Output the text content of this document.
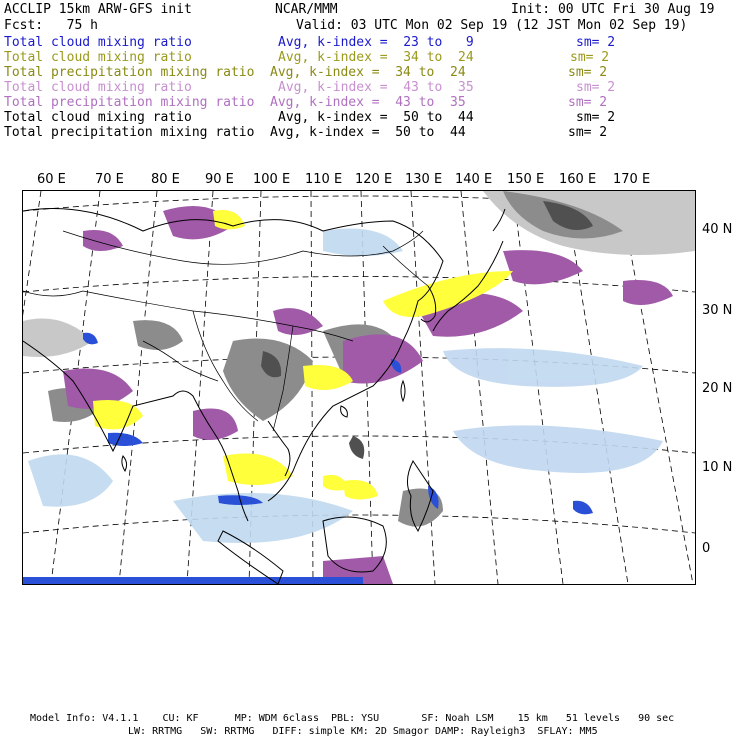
ACCLIP 15km ARW-GFS init	NCAR/MMM	Init: 00 UTC Fri 30 Aug 19
Fcst:   75 h	Valid: 03 UTC Mon 02 Sep 19 (12 JST Mon 02 Sep 19)
Total cloud mixing ratio	Avg, k-index =  23 to   9	sm= 2
Total cloud mixing ratio	Avg, k-index =  34 to  24	sm= 2
Total precipitation mixing ratio Avg, k-index =  34 to  24	sm= 2
Total cloud mixing ratio	Avg, k-index =  43 to  35	sm= 2
Total precipitation mixing ratio Avg, k-index =  43 to  35	sm= 2
Total cloud mixing ratio	Avg, k-index =  50 to  44	sm= 2
Total precipitation mixing ratio Avg, k-index =  50 to  44	sm= 2
60 E 70 E 80 E 90 E 100 E 110 E 120 E 130 E 140 E 150 E 160 E 170 E
40 N
30 N
20 N
10 N
0
Model Info: V4.1.1    CU: KF      MP: WDM 6class  PBL: YSU       SF: Noah LSM    15 km   51 levels   90 sec
LW: RRTMG   SW: RRTMG   DIFF: simple KM: 2D Smagor DAMP: Rayleigh3  SFLAY: MM5
